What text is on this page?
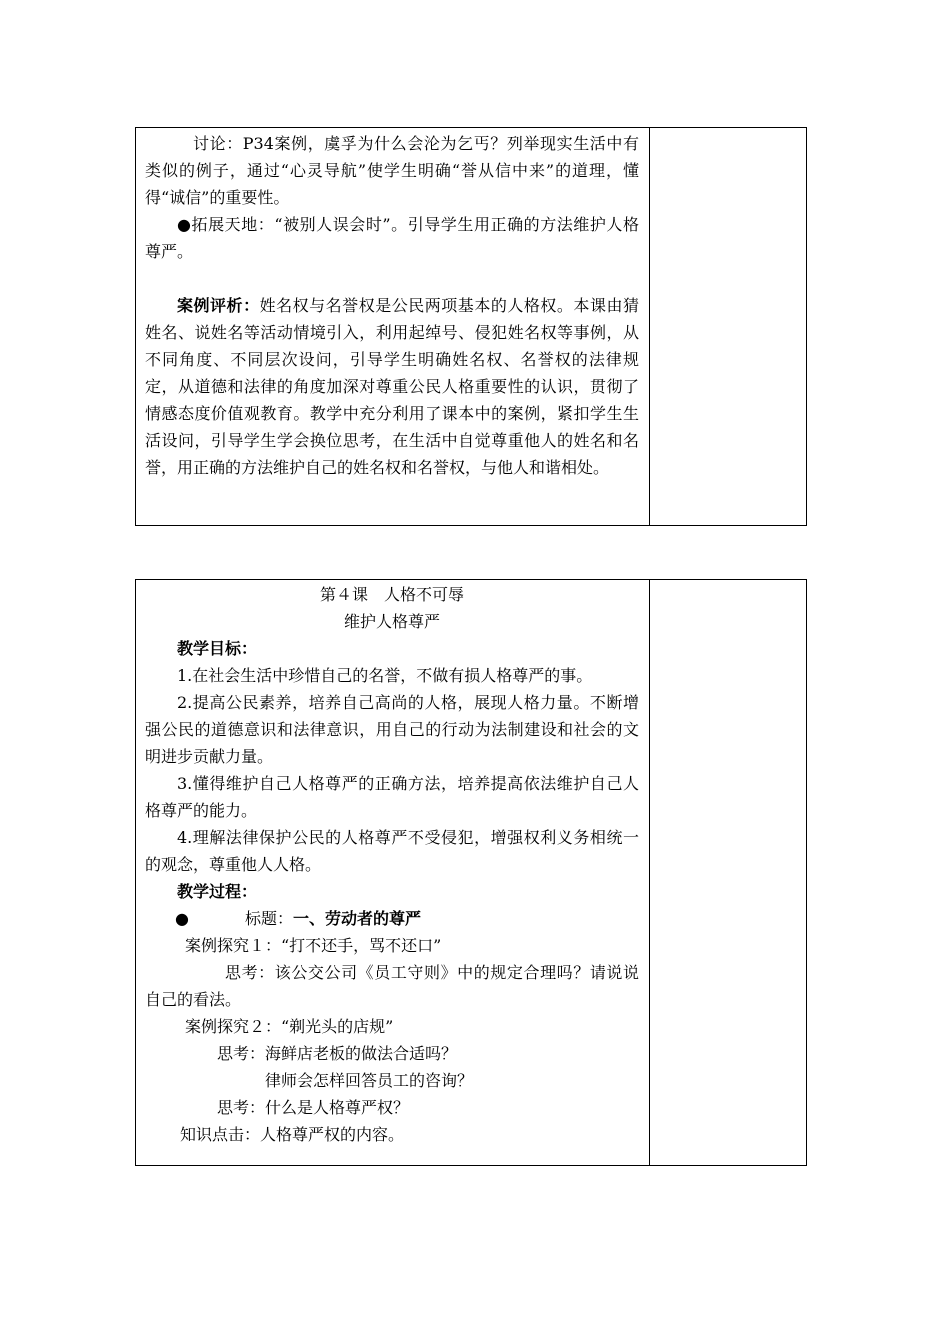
讨论：P34案例，虞孚为什么会沦为乞丐？列举现实生活中有类似的例子，通过“心灵导航”使学生明确“誉从信中来”的道理，懂得“诚信”的重要性。

●拓展天地：“被别人误会时”。引导学生用正确的方法维护人格尊严。

案例评析：姓名权与名誉权是公民两项基本的人格权。本课由猜姓名、说姓名等活动情境引入，利用起绰号、侵犯姓名权等事例，从不同角度、不同层次设问，引导学生明确姓名权、名誉权的法律规定，从道德和法律的角度加深对尊重公民人格重要性的认识，贯彻了情感态度价值观教育。教学中充分利用了课本中的案例，紧扣学生生活设问，引导学生学会换位思考，在生活中自觉尊重他人的姓名和名誉，用正确的方法维护自己的姓名权和名誉权，与他人和谐相处。

第４课　人格不可辱

维护人格尊严

教学目标：

1.在社会生活中珍惜自己的名誉，不做有损人格尊严的事。

2.提高公民素养，培养自己高尚的人格，展现人格力量。不断增强公民的道德意识和法律意识，用自己的行动为法制建设和社会的文明进步贡献力量。

3.懂得维护自己人格尊严的正确方法，培养提高依法维护自己人格尊严的能力。

4.理解法律保护公民的人格尊严不受侵犯，增强权利义务相统一的观念，尊重他人人格。

教学过程：

●	标题：一、劳动者的尊严

案例探究１：“打不还手，骂不还口”

思考：该公交公司《员工守则》中的规定合理吗？请说说自己的看法。

案例探究２：“剃光头的店规”

思考：海鲜店老板的做法合适吗？

律师会怎样回答员工的咨询？

思考：什么是人格尊严权？

知识点击：人格尊严权的内容。
